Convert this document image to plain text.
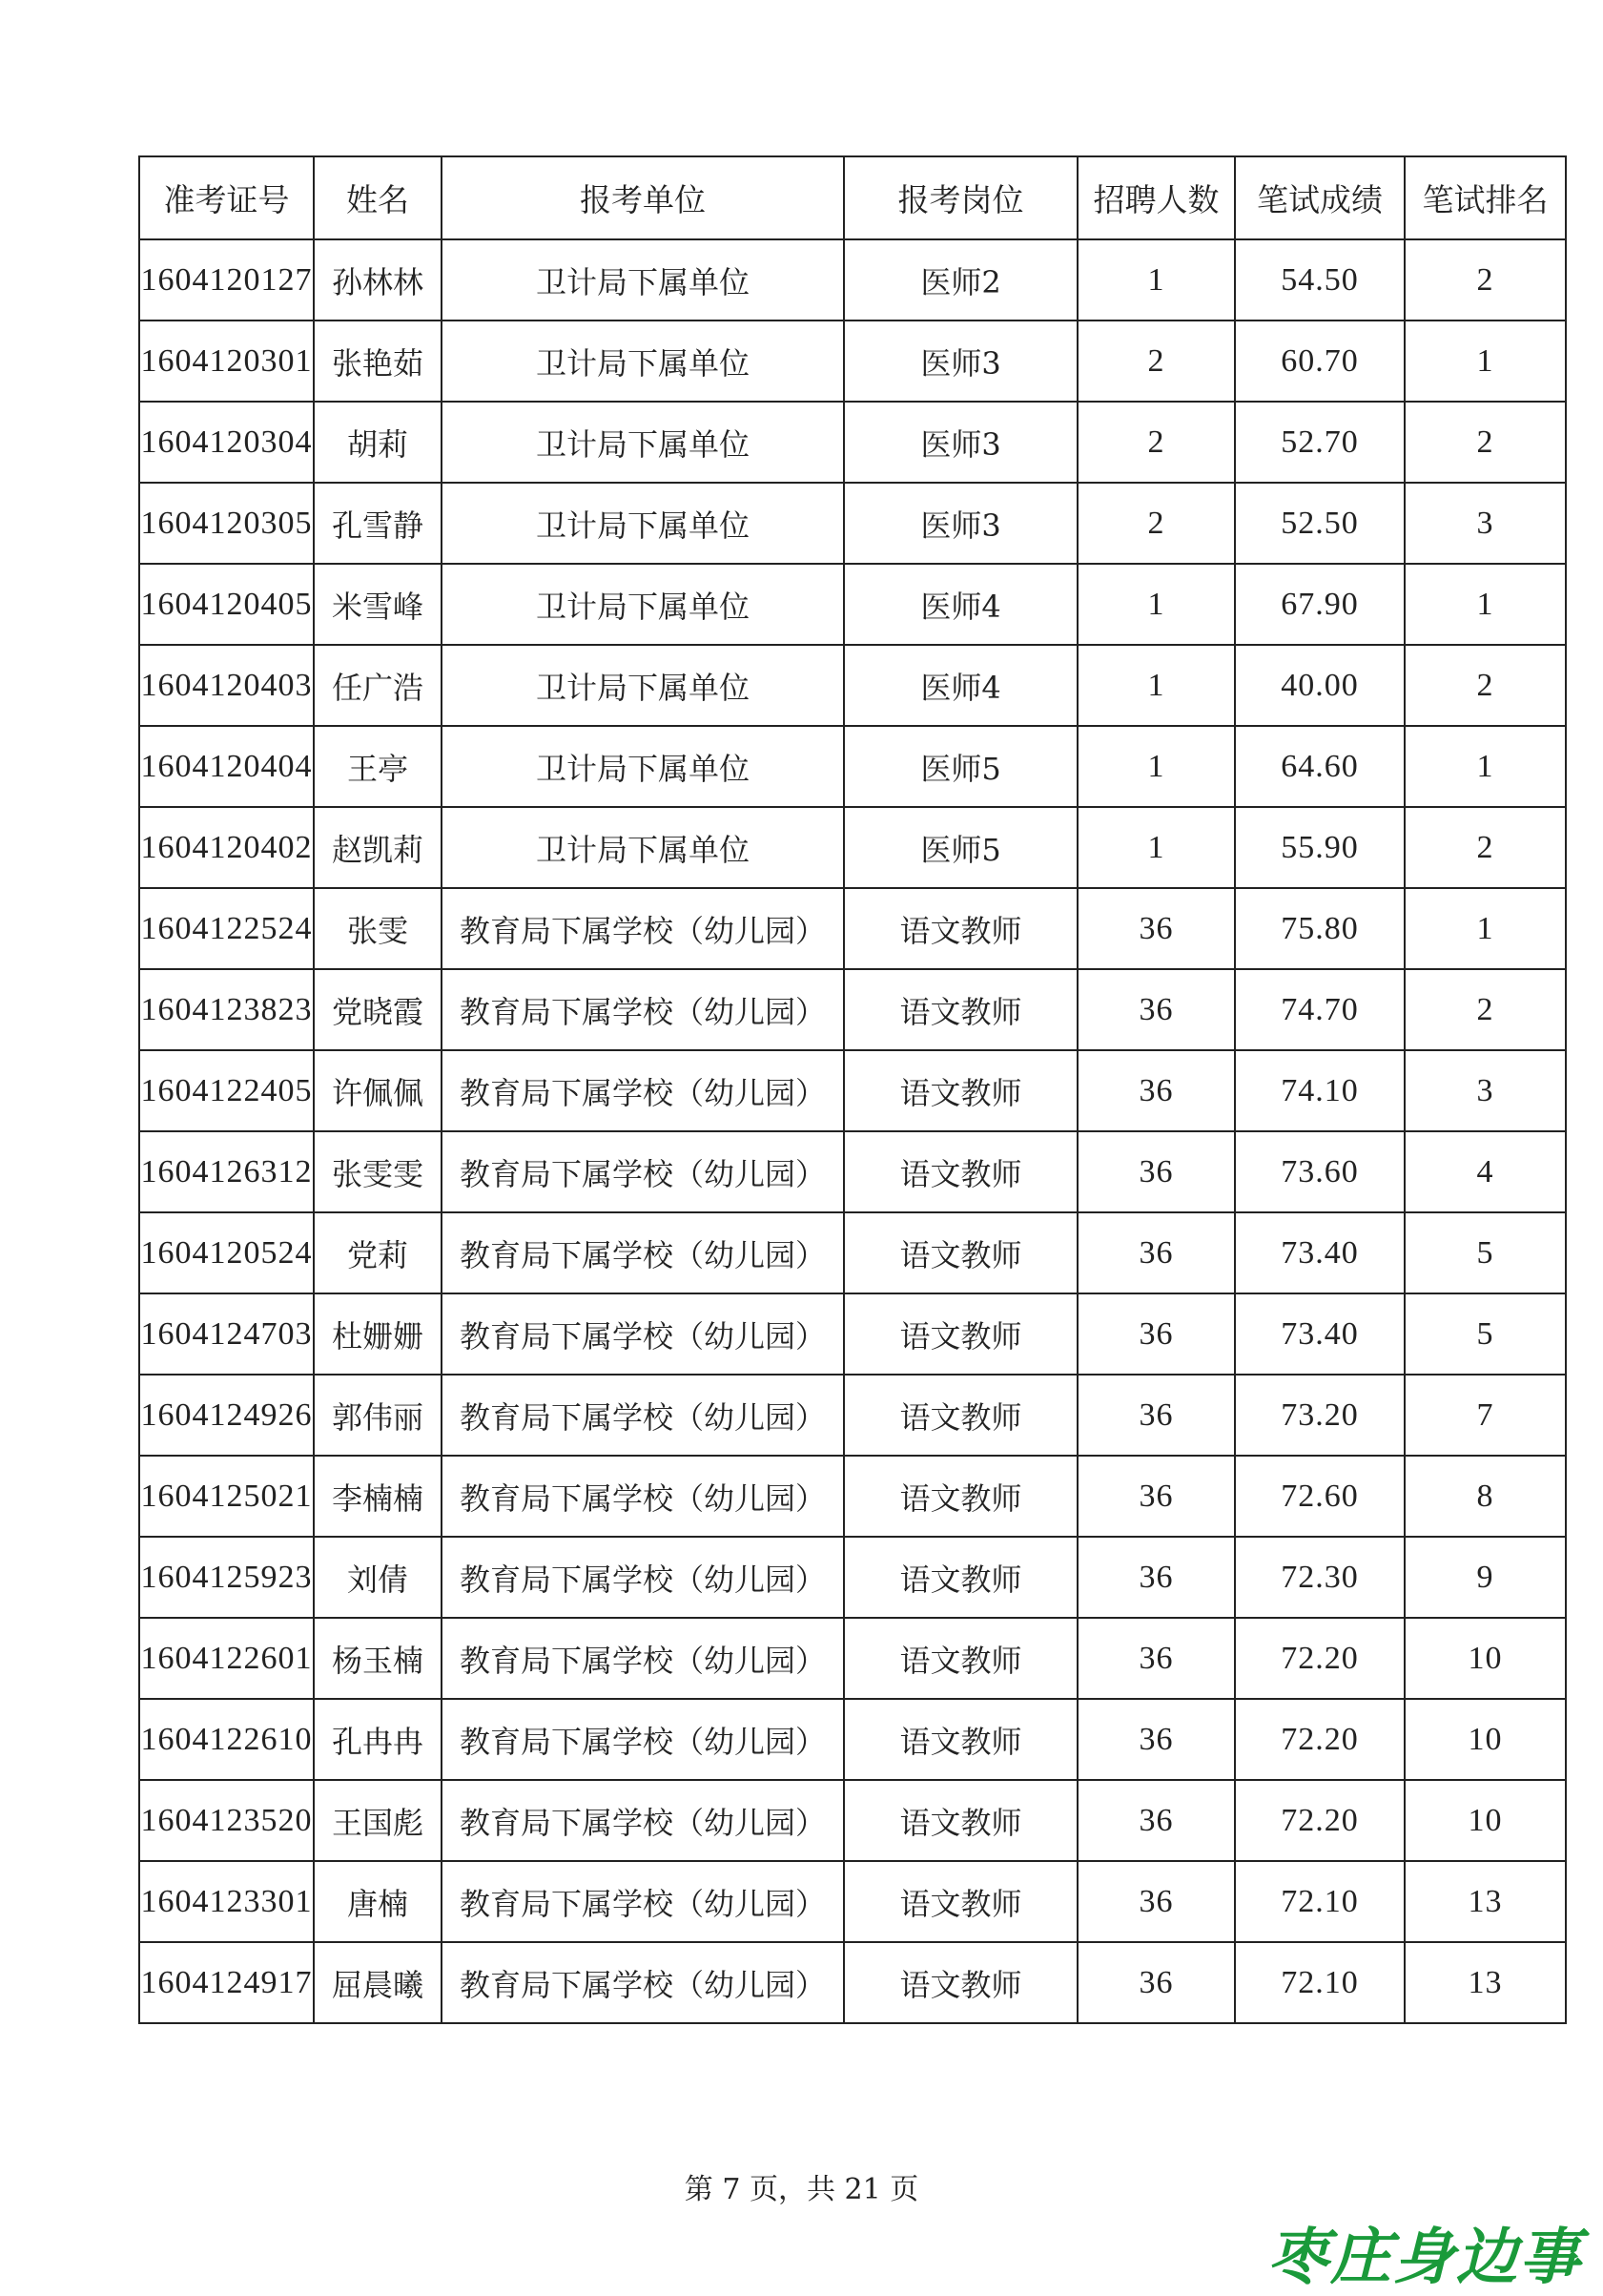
准考证号	姓名	报考单位	报考岗位	招聘人数	笔试成绩	笔试排名
1604120127	孙林林	卫计局下属单位	医师2	1	54.50	2
1604120301	张艳茹	卫计局下属单位	医师3	2	60.70	1
1604120304	胡莉	卫计局下属单位	医师3	2	52.70	2
1604120305	孔雪静	卫计局下属单位	医师3	2	52.50	3
1604120405	米雪峰	卫计局下属单位	医师4	1	67.90	1
1604120403	任广浩	卫计局下属单位	医师4	1	40.00	2
1604120404	王亭	卫计局下属单位	医师5	1	64.60	1
1604120402	赵凯莉	卫计局下属单位	医师5	1	55.90	2
1604122524	张雯	教育局下属学校（幼儿园）	语文教师	36	75.80	1
1604123823	党晓霞	教育局下属学校（幼儿园）	语文教师	36	74.70	2
1604122405	许佩佩	教育局下属学校（幼儿园）	语文教师	36	74.10	3
1604126312	张雯雯	教育局下属学校（幼儿园）	语文教师	36	73.60	4
1604120524	党莉	教育局下属学校（幼儿园）	语文教师	36	73.40	5
1604124703	杜姗姗	教育局下属学校（幼儿园）	语文教师	36	73.40	5
1604124926	郭伟丽	教育局下属学校（幼儿园）	语文教师	36	73.20	7
1604125021	李楠楠	教育局下属学校（幼儿园）	语文教师	36	72.60	8
1604125923	刘倩	教育局下属学校（幼儿园）	语文教师	36	72.30	9
1604122601	杨玉楠	教育局下属学校（幼儿园）	语文教师	36	72.20	10
1604122610	孔冉冉	教育局下属学校（幼儿园）	语文教师	36	72.20	10
1604123520	王国彪	教育局下属学校（幼儿园）	语文教师	36	72.20	10
1604123301	唐楠	教育局下属学校（幼儿园）	语文教师	36	72.10	13
1604124917	屈晨曦	教育局下属学校（幼儿园）	语文教师	36	72.10	13
第 7 页，共 21 页
枣庄身边事
